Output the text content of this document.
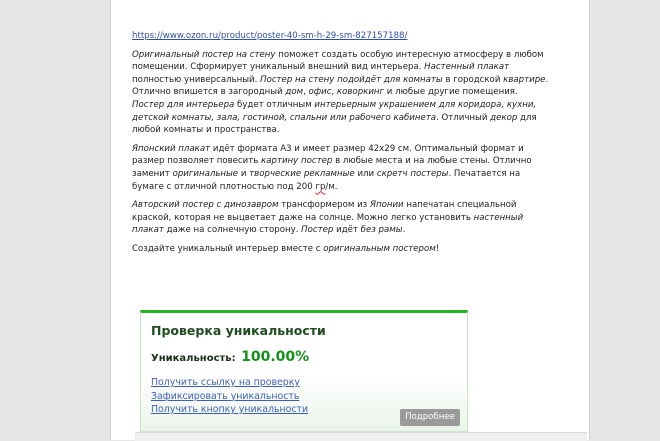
https://www.ozon.ru/product/poster-40-sm-h-29-sm-827157188/

Оригинальный постер на стену поможет создать особую интересную атмосферу в любом помещении. Сформирует уникальный внешний вид интерьера. Настенный плакат полностью универсальный. Постер на стену подойдёт для комнаты в городской квартире. Отлично впишется в загородный дом, офис, коворкинг и любые другие помещения. Постер для интерьера будет отличным интерьерным украшением для коридора, кухни, детской комнаты, зала, гостиной, спальни или рабочего кабинета. Отличный декор для любой комнаты и пространства.

Японский плакат идёт формата А3 и имеет размер 42х29 см. Оптимальный формат и размер позволяет повесить картину постер в любые места и на любые стены. Отлично заменит оригинальные и творческие рекламные или скретч постеры. Печатается на бумаге с отличной плотностью под 200 гр/м.

Авторский постер с динозавром трансформером из Японии напечатан специальной краской, которая не выцветает даже на солнце. Можно легко установить настенный плакат даже на солнечную сторону. Постер идёт без рамы.

Создайте уникальный интерьер вместе с оригинальным постером!

Проверка уникальности
Уникальность: 100.00%
Получить ссылку на проверку
Зафиксировать уникальность
Получить кнопку уникальности
Подробнее
